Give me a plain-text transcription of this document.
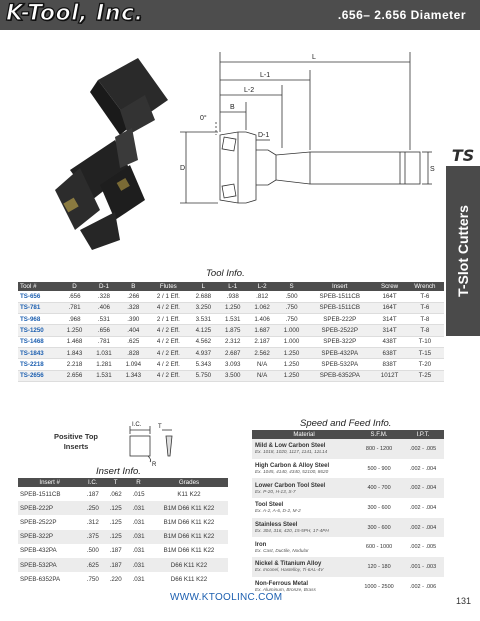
K-Tool, Inc.	.656– 2.656 Diameter
TS
T-Slot Cutters
L
L-1
L-2
B
0°
D-1
D	S
Tool Info.
Tool #	D	D-1	B	Flutes	L	L-1	L-2	S	Insert	Screw	Wrench
TS-656	.656	.328	.266	2 / 1 Eff.	2.688	.938	.812	.500	SPEB-1511CB	164T	T-6
TS-781	.781	.406	.328	4 / 2 Eff.	3.250	1.250	1.062	.750	SPEB-1511CB	164T	T-6
TS-968	.968	.531	.390	2 / 1 Eff.	3.531	1.531	1.406	.750	SPEB-222P	314T	T-8
TS-1250	1.250	.656	.404	4 / 2 Eff.	4.125	1.875	1.687	1.000	SPEB-2522P	314T	T-8
TS-1468	1.468	.781	.625	4 / 2 Eff.	4.562	2.312	2.187	1.000	SPEB-322P	438T	T-10
TS-1843	1.843	1.031	.828	4 / 2 Eff.	4.937	2.687	2.562	1.250	SPEB-432PA	638T	T-15
TS-2218	2.218	1.281	1.094	4 / 2 Eff.	5.343	3.093	N/A	1.250	SPEB-532PA	838T	T-20
TS-2656	2.656	1.531	1.343	4 / 2 Eff.	5.750	3.500	N/A	1.250	SPEB-6352PA	1012T	T-25
Positive Top Inserts
I.C.	T
R
Insert Info.
Insert #	I.C.	T	R	Grades
SPEB-1511CB	.187	.062	.015	K11 K22
SPEB-222P	.250	.125	.031	B1M D66 K11 K22
SPEB-2522P	.312	.125	.031	B1M D66 K11 K22
SPEB-322P	.375	.125	.031	B1M D66 K11 K22
SPEB-432PA	.500	.187	.031	B1M D66 K11 K22
SPEB-532PA	.625	.187	.031	D66 K11 K22
SPEB-6352PA	.750	.220	.031	D66 K11 K22
Speed and Feed Info.
Material	S.F.M.	I.P.T.

Mild & Low Carbon Steel
Ex. 1018, 1020, 1117, 1141, 12L14	800 - 1200	.002 - .005

High Carbon & Alloy Steel
Ex. 1045, 4140, 4340, 52100, 8620	500 - 900	.002 - .004

Lower Carbon Tool Steel
Ex. P-20, H-13, S-7	400 - 700	.002 - .004

Tool Steel
Ex. A-2, A-6, D-2, M-2	300 - 600	.002 - .004

Stainless Steel
Ex. 304, 316, 420, 15-5PH, 17-4PH	300 - 600	.002 - .004

Iron
Ex. Cast, Ductile, Nodular	600 - 1000	.002 - .005

Nickel & Titanium Alloy
Ex. Inconel, Hastelloy, Ti-6AL-4V	120 - 180	.001 - .003

Non-Ferrous Metal
Ex. Aluminum, Bronze, Brass	1000 - 2500	.002 - .006
WWW.KTOOLINC.COM	131
